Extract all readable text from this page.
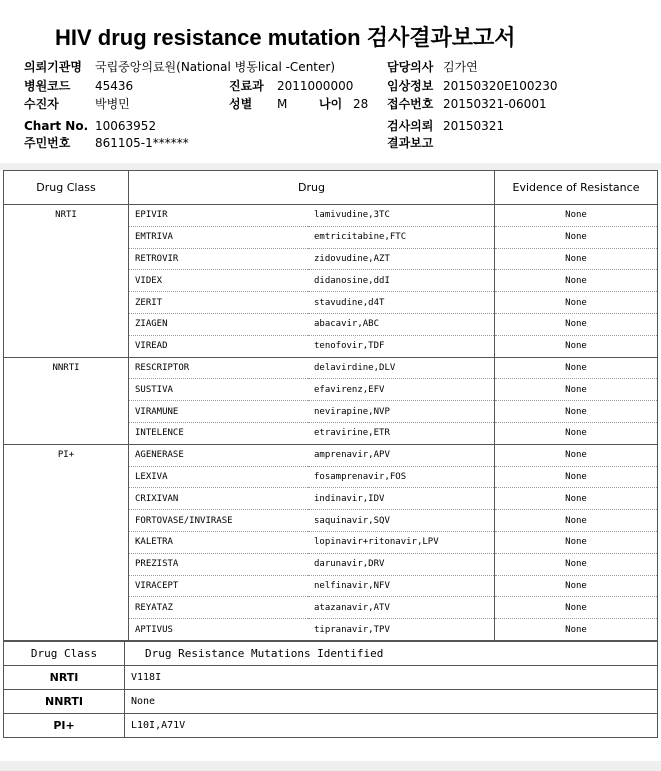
HIV drug resistance mutation 검사결과보고서
의뢰기관명 국립중앙의료원(National 병동lical -Center)
병원코드 45436	진료과 2011000000
수진자	박병민	성별 M	나이 28
Chart No. 10063952
주민번호 861105-1******
담당의사 김가연
임상정보 20150320E100230
접수번호 20150321-06001
검사의뢰 20150321
결과보고
Drug Class	Drug		Evidence of Resistance
NRTI	EPIVIR	lamivudine,3TC	None
	EMTRIVA	emtricitabine,FTC	None
	RETROVIR	zidovudine,AZT	None
	VIDEX	didanosine,ddI	None
	ZERIT	stavudine,d4T	None
	ZIAGEN	abacavir,ABC	None
	VIREAD	tenofovir,TDF	None
NNRTI	RESCRIPTOR	delavirdine,DLV	None
	SUSTIVA	efavirenz,EFV	None
	VIRAMUNE	nevirapine,NVP	None
	INTELENCE	etravirine,ETR	None
PI+	AGENERASE	amprenavir,APV	None
	LEXIVA	fosamprenavir,FOS	None
	CRIXIVAN	indinavir,IDV	None
	FORTOVASE/INVIRASE	saquinavir,SQV	None
	KALETRA	lopinavir+ritonavir,LPV	None
	PREZISTA	darunavir,DRV	None
	VIRACEPT	nelfinavir,NFV	None
	REYATAZ	atazanavir,ATV	None
	APTIVUS	tipranavir,TPV	None
Drug Class	Drug Resistance Mutations Identified
NRTI	V118I
NNRTI	None
PI+	L10I,A71V
